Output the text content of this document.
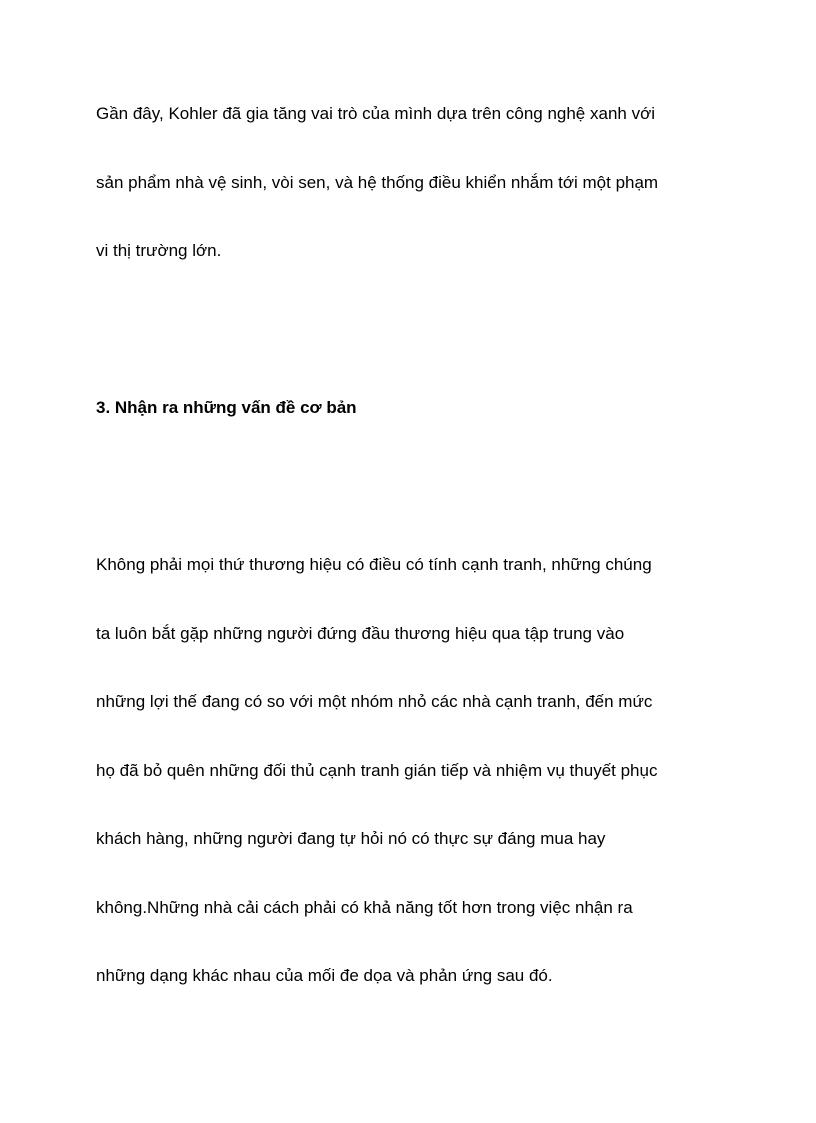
Gần đây, Kohler đã gia tăng vai trò của mình dựa trên công nghệ xanh với

sản phẩm nhà vệ sinh, vòi sen, và hệ thống điều khiển nhắm tới một phạm

vi thị trường lớn.

3. Nhận ra những vấn đề cơ bản

Không phải mọi thứ thương hiệu có điều có tính cạnh tranh, những chúng

ta luôn bắt gặp những người đứng đầu thương hiệu qua tập trung vào

những lợi thế đang có so với một nhóm nhỏ các nhà cạnh tranh, đến mức

họ đã bỏ quên những đối thủ cạnh tranh gián tiếp và nhiệm vụ thuyết phục

khách hàng, những người đang tự hỏi nó có thực sự đáng mua hay

không.Những nhà cải cách phải có khả năng tốt hơn trong việc nhận ra

những dạng khác nhau của mối đe dọa và phản ứng sau đó.
